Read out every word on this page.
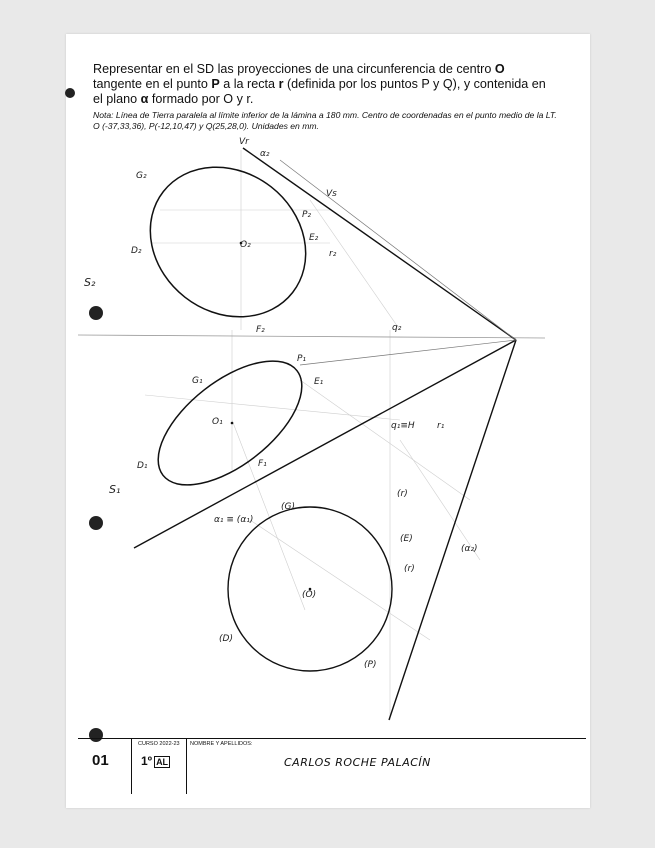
Representar en el SD las proyecciones de una circunferencia de centro O tangente en el punto P a la recta r (definida por los puntos P y Q), y contenida en el plano α formado por O y r.

Nota: Línea de Tierra paralela al límite inferior de la lámina a 180 mm. Centro de coordenadas en el punto medio de la LT. O (-37,33,36), P(-12,10,47) y Q(25,28,0). Unidades en mm.

Vr
α₂
G₂
Vs
P₂
E₂
r₂
D₂
O₂
S₂
F₂	q₂
P₁
G₁	E₁
O₁	q₁≡H r₁
D₁	F₁
S₁	(r)
α₁ ≡ (α₁)
(G)
(E)
(r)
(α₂)
(O)
(D)
(P)
01
CURSO 2022-23
1º AL
NOMBRE Y APELLIDOS:
CARLOS ROCHE PALACÍN
